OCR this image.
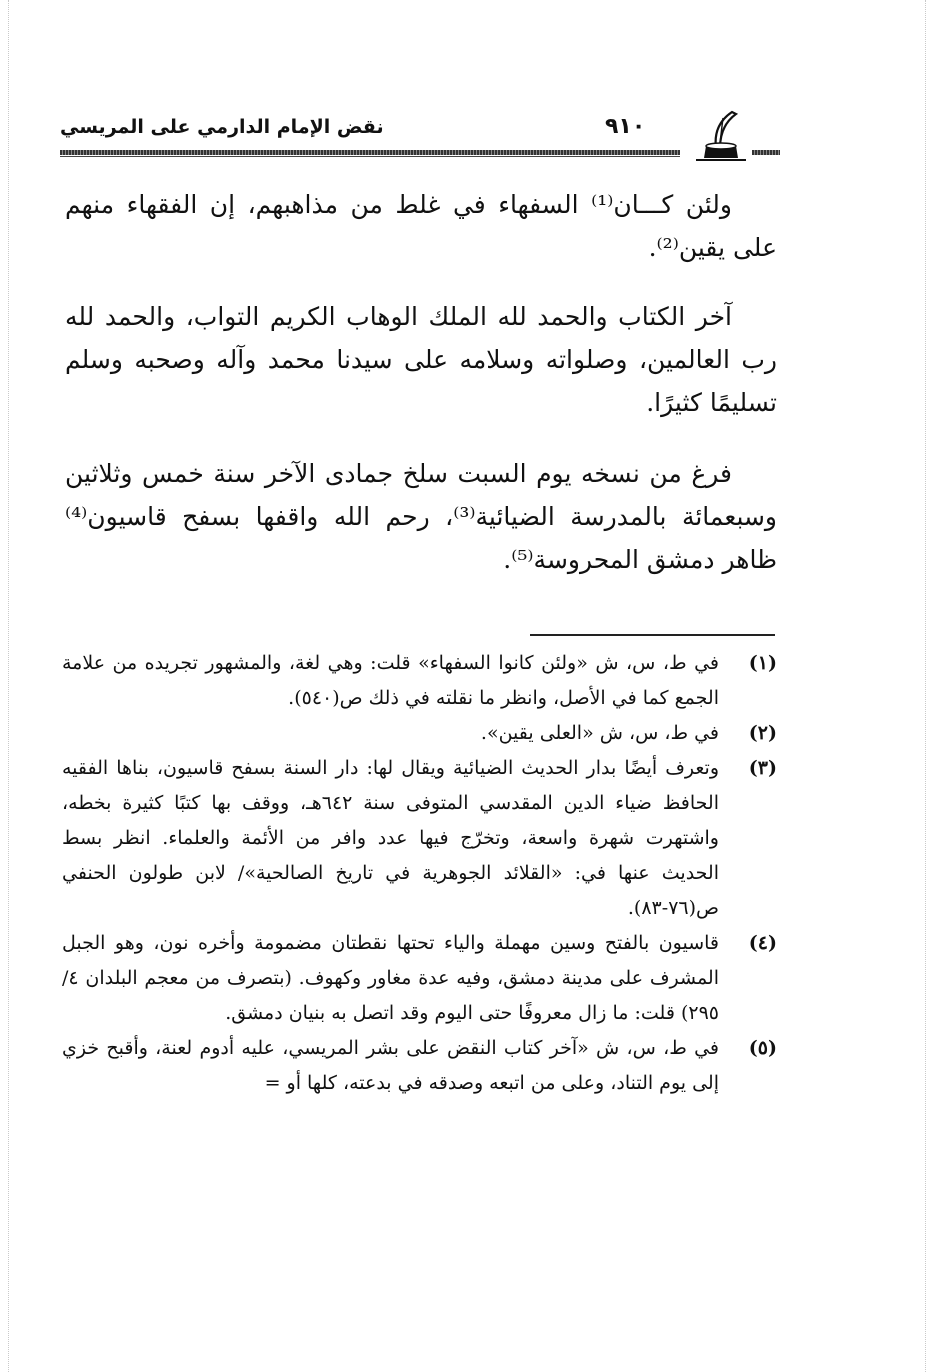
نقض الإمام الدارمي على المريسي	٩١٠

ولئن كـــان⁽¹⁾ السفهاء في غلط من مذاهبهم، إن الفقهاء منهم على يقين⁽²⁾.

آخر الكتاب والحمد لله الملك الوهاب الكريم التواب، والحمد لله رب العالمين، وصلواته وسلامه على سيدنا محمد وآله وصحبه وسلم تسليمًا كثيرًا.

فرغ من نسخه يوم السبت سلخ جمادى الآخر سنة خمس وثلاثين وسبعمائة بالمدرسة الضيائية⁽³⁾، رحم الله واقفها بسفح قاسيون⁽⁴⁾ ظاهر دمشق المحروسة⁽⁵⁾.

(١)
في ط، س، ش «ولئن كانوا السفهاء» قلت: وهي لغة، والمشهور تجريده من علامة الجمع كما في الأصل، وانظر ما نقلته في ذلك ص(٥٤٠).
(٢)
في ط، س، ش «العلى يقين».
(٣)
وتعرف أيضًا بدار الحديث الضيائية ويقال لها: دار السنة بسفح قاسيون، بناها الفقيه الحافظ ضياء الدين المقدسي المتوفى سنة ٦٤٢هـ، ووقف بها كتبًا كثيرة بخطه، واشتهرت شهرة واسعة، وتخرّج فيها عدد وافر من الأئمة والعلماء. انظر بسط الحديث عنها في: «القلائد الجوهرية في تاريخ الصالحية»/ لابن طولون الحنفي ص(٧٦-٨٣).
(٤)
قاسيون بالفتح وسين مهملة والياء تحتها نقطتان مضمومة وأخره نون، وهو الجبل المشرف على مدينة دمشق، وفيه عدة مغاور وكهوف. (بتصرف من معجم البلدان ٤/ ٢٩٥) قلت: ما زال معروفًا حتى اليوم وقد اتصل به بنيان دمشق.
(٥)
في ط، س، ش «آخر كتاب النقض على بشر المريسي، عليه أدوم لعنة، وأقبح خزي إلى يوم التناد، وعلى من اتبعه وصدقه في بدعته، كلها أو =
